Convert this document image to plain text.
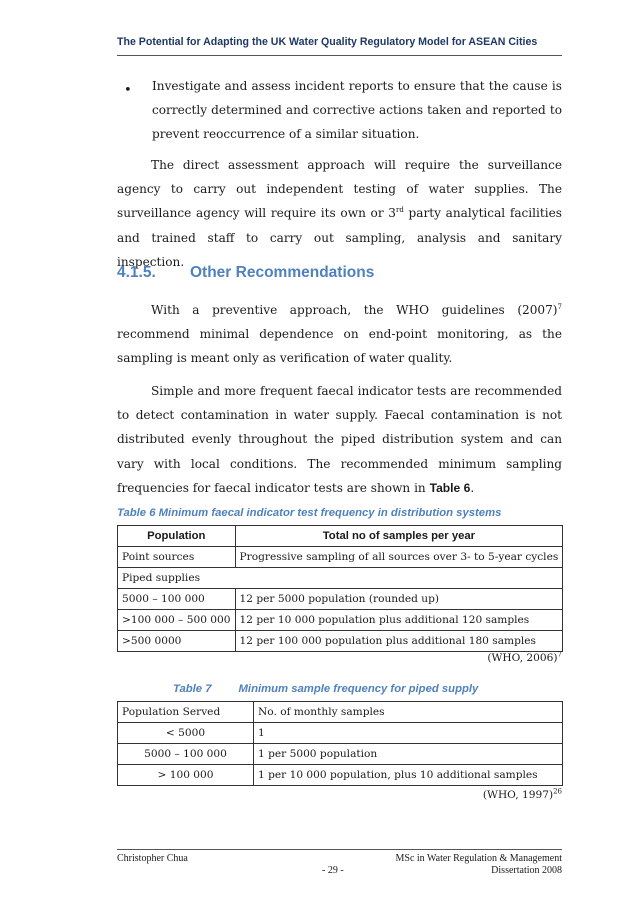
The Potential for Adapting the UK Water Quality Regulatory Model for ASEAN Cities
• Investigate and assess incident reports to ensure that the cause is correctly determined and corrective actions taken and reported to prevent reoccurrence of a similar situation.

The direct assessment approach will require the surveillance agency to carry out independent testing of water supplies. The surveillance agency will require its own or 3rd party analytical facilities and trained staff to carry out sampling, analysis and sanitary inspection.

4.1.5. Other Recommendations

With a preventive approach, the WHO guidelines $(2007)^7$ recommend minimal dependence on end-point monitoring, as the sampling is meant only as verification of water quality.

Simple and more frequent faecal indicator tests are recommended to detect contamination in water supply. Faecal contamination is not distributed evenly throughout the piped distribution system and can vary with local conditions. The recommended minimum sampling frequencies for faecal indicator tests are shown in Table 6.

Table 6 Minimum faecal indicator test frequency in distribution systems
Population	Total no of samples per year
Point sources	Progressive sampling of all sources over 3- to 5-year cycles
Piped supplies	
5000 – 100 000	12 per 5000 population (rounded up)
>100 000 – 500 000	12 per 10 000 population plus additional 120 samples
>500 0000	12 per 100 000 population plus additional 180 samples
(WHO, 2006)$^7$
Table 7 Minimum sample frequency for piped supply
Population Served	No. of monthly samples
< 5000	1
5000 – 100 000	1 per 5000 population
> 100 000	1 per 10 000 population, plus 10 additional samples
(WHO, 1997)$^{26}$
Christopher Chua
- 29 -
MSc in Water Regulation & Management
Dissertation 2008
